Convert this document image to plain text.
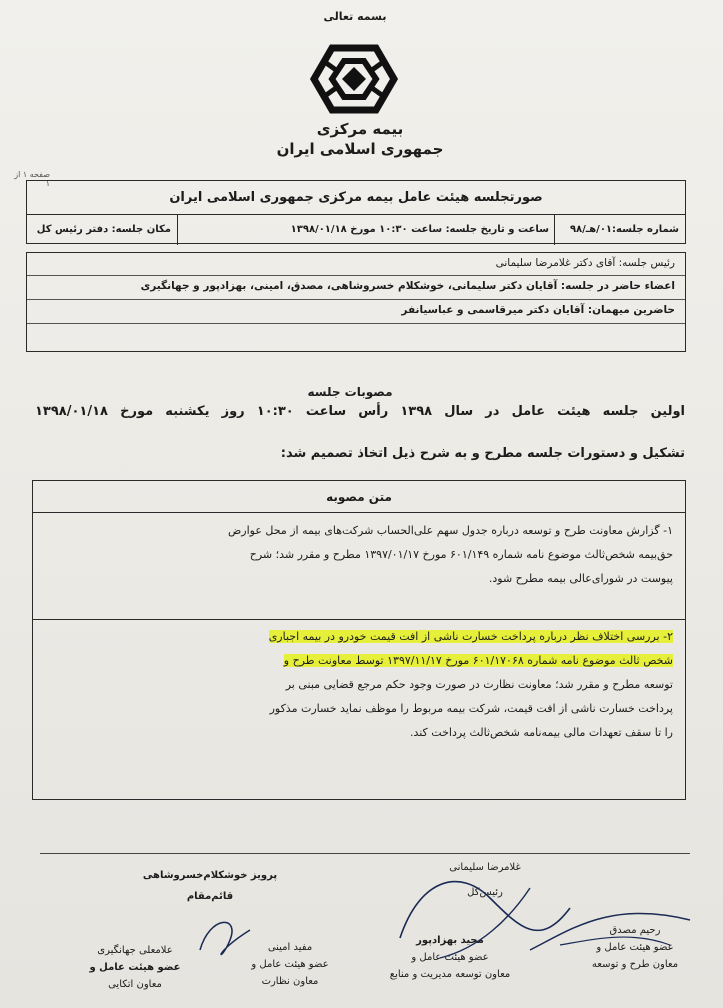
بسمه تعالی
بیمه مرکزی
جمهوری اسلامی ایران
صفحه ۱ از ۱
صورتجلسه هیئت عامل بیمه مرکزی جمهوری اسلامی ایران
شماره جلسه:۰۱/هـ/۹۸
ساعت و تاریخ جلسه: ساعت ۱۰:۳۰ مورخ ۱۳۹۸/۰۱/۱۸
مکان جلسه: دفتر رئیس کل
رئیس جلسه: آقای دکتر غلامرضا سلیمانی
اعضاء حاضر در جلسه: آقایان دکتر سلیمانی، خوشکلام خسروشاهی، مصدق، امینی، بهزادپور و جهانگیری
حاضرین میهمان: آقایان دکتر میرقاسمی و عباسیانفر
مصوبات جلسه
اولین جلسه هیئت عامل در سال ۱۳۹۸ رأس ساعت ۱۰:۳۰ روز یکشنبه مورخ ۱۳۹۸/۰۱/۱۸
تشکیل و دستورات جلسه مطرح و به شرح ذیل اتخاذ تصمیم شد:
متن مصوبه
۱- گزارش معاونت طرح و توسعه درباره جدول سهم علی‌الحساب شرکت‌های بیمه از محل عوارض
حق‌بیمه شخص‌ثالث موضوع نامه شماره ۶۰۱/۱۴۹ مورخ ۱۳۹۷/۰۱/۱۷ مطرح و مقرر شد؛ شرح
پیوست در شورای‌عالی بیمه مطرح شود.
۲- بررسی اختلاف نظر درباره پرداخت خسارت ناشی از افت قیمت خودرو در بیمه اجباری
شخص ثالث موضوع نامه شماره ۶۰۱/۱۷۰۶۸ مورخ ۱۳۹۷/۱۱/۱۷ توسط معاونت طرح و
توسعه مطرح و مقرر شد؛ معاونت نظارت در صورت وجود حکم مرجع قضایی مبنی بر
پرداخت خسارت ناشی از افت قیمت، شرکت بیمه مربوط را موظف نماید خسارت مذکور
را تا سقف تعهدات مالی بیمه‌نامه شخص‌ثالث پرداخت کند.
غلامرضا سلیمانی
رئیس‌کل
پرویز خوشکلام‌خسروشاهی
قائم‌مقام
رحیم مصدق
عضو هیئت عامل و
معاون طرح و توسعه
مجید بهزادپور
عضو هیئت عامل و
معاون توسعه مدیریت و منابع
مفید امینی
عضو هیئت عامل و
معاون نظارت
علامعلی جهانگیری
عضو هیئت عامل و
معاون اتکایی
